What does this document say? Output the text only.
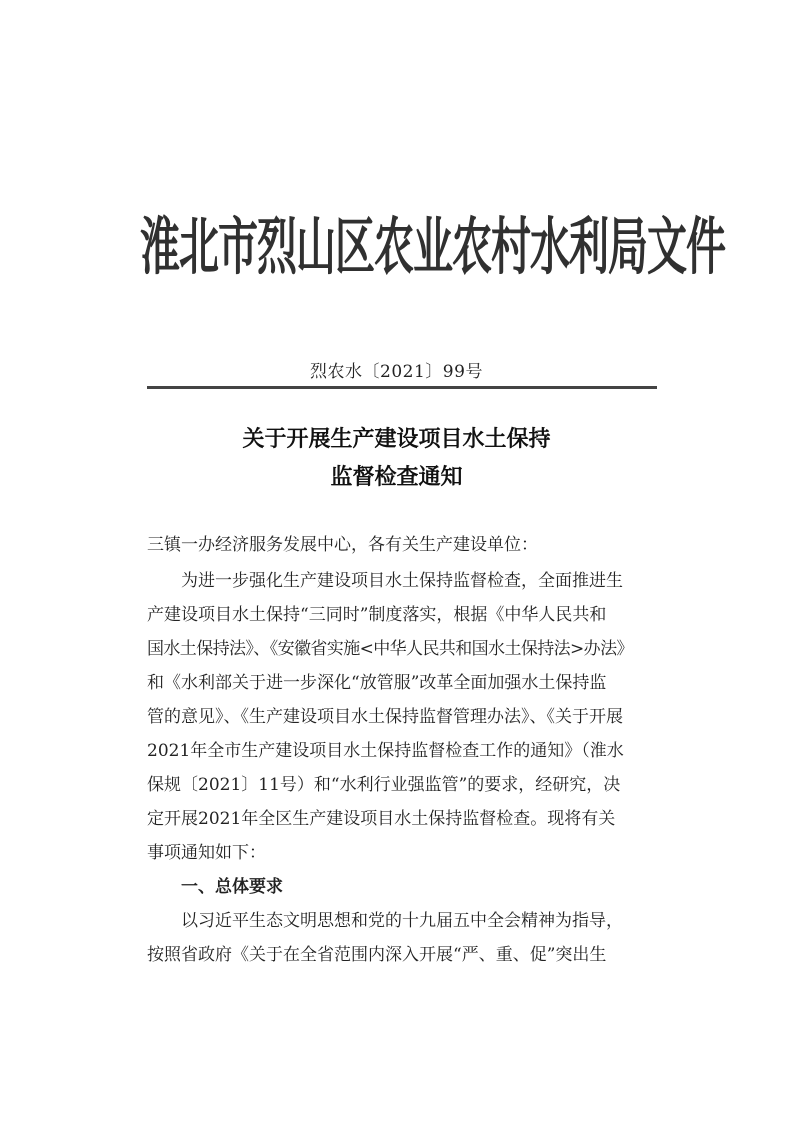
淮北市烈山区农业农村水利局文件
烈农水〔2021〕99号
关于开展生产建设项目水土保持
监督检查通知
三镇一办经济服务发展中心，各有关生产建设单位：
为进一步强化生产建设项目水土保持监督检查，全面推进生
产建设项目水土保持“三同时”制度落实，根据《中华人民共和
国水土保持法》、《安徽省实施<中华人民共和国水土保持法>办法》
和《水利部关于进一步深化“放管服”改革全面加强水土保持监
管的意见》、《生产建设项目水土保持监督管理办法》、《关于开展
2021年全市生产建设项目水土保持监督检查工作的通知》（淮水
保规〔2021〕11号）和“水利行业强监管”的要求，经研究，决
定开展2021年全区生产建设项目水土保持监督检查。现将有关
事项通知如下：
一、总体要求
以习近平生态文明思想和党的十九届五中全会精神为指导，
按照省政府《关于在全省范围内深入开展“严、重、促”突出生
